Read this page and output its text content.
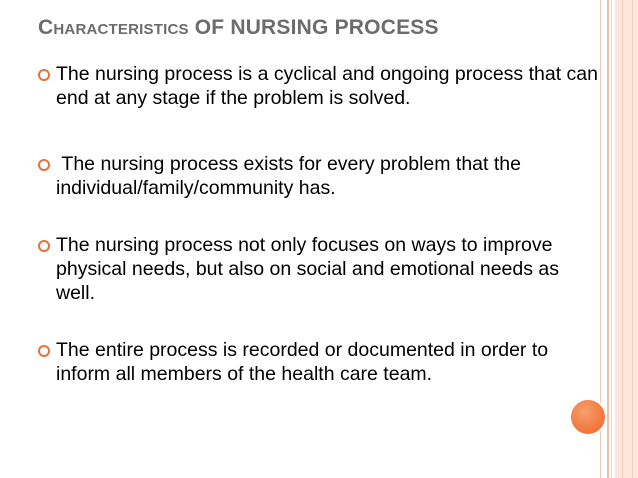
CHARACTERISTICS OF NURSING PROCESS
The nursing process is a cyclical and ongoing process that can end at any stage if the problem is solved.
The nursing process exists for every problem that the individual/family/community has.
The nursing process not only focuses on ways to improve physical needs, but also on social and emotional needs as well.
The entire process is recorded or documented in order to inform all members of the health care team.
